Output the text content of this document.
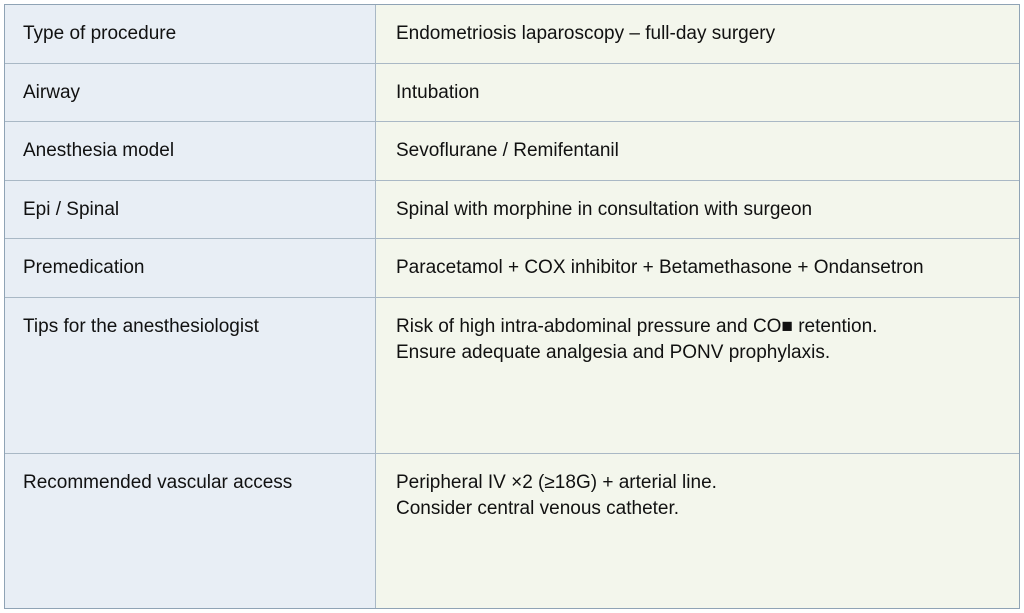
Type of procedure	Endometriosis laparoscopy – full-day surgery
Airway	Intubation
Anesthesia model	Sevoflurane / Remifentanil
Epi / Spinal	Spinal with morphine in consultation with surgeon
Premedication	Paracetamol + COX inhibitor + Betamethasone + Ondansetron
Tips for the anesthesiologist	Risk of high intra-abdominal pressure and CO■ retention.
Ensure adequate analgesia and PONV prophylaxis.
Recommended vascular access	Peripheral IV ×2 (≥18G) + arterial line.
Consider central venous catheter.
